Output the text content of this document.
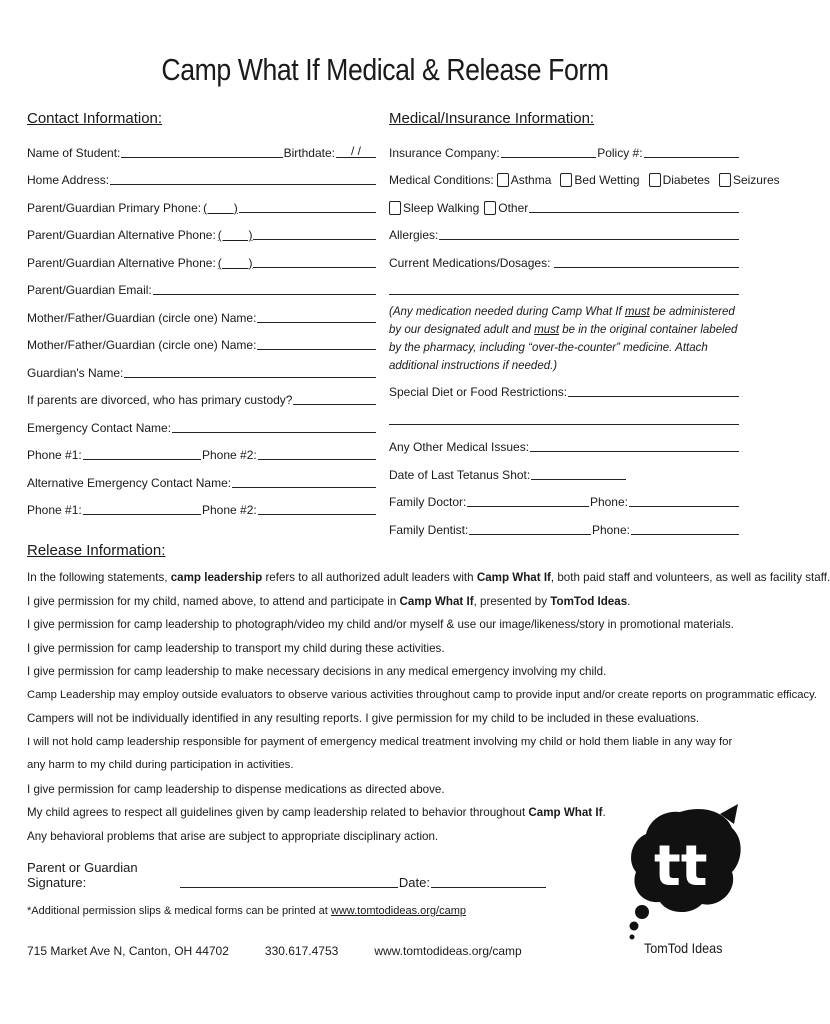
Camp What If Medical & Release Form
Contact Information:
Name of Student:	Birthdate:	/ /
Home Address:
Parent/Guardian Primary Phone: (        )
Parent/Guardian Alternative Phone: (        )
Parent/Guardian Alternative Phone: (        )
Parent/Guardian Email:
Mother/Father/Guardian (circle one) Name:
Mother/Father/Guardian (circle one) Name:
Guardian's Name:
If parents are divorced, who has primary custody?
Emergency Contact Name:
Phone #1:	Phone #2:
Alternative Emergency Contact Name:
Phone #1:	Phone #2:
Medical/Insurance Information:
Insurance Company:	Policy #:
Medical Conditions: Asthma Bed Wetting Diabetes Seizures
Sleep Walking Other
Allergies:
Current Medications/Dosages:
(Any medication needed during Camp What If must be administered by our designated adult and must be in the original container labeled by the pharmacy, including “over-the-counter” medicine. Attach additional instructions if needed.)
Special Diet or Food Restrictions:
Any Other Medical Issues:
Date of Last Tetanus Shot:
Family Doctor:	Phone:
Family Dentist:	Phone:
Release Information:

In the following statements, camp leadership refers to all authorized adult leaders with Camp What If, both paid staff and volunteers, as well as facility staff.

I give permission for my child, named above, to attend and participate in Camp What If, presented by TomTod Ideas.

I give permission for camp leadership to photograph/video my child and/or myself & use our image/likeness/story in promotional materials.

I give permission for camp leadership to transport my child during these activities.

I give permission for camp leadership to make necessary decisions in any medical emergency involving my child.

Camp Leadership may employ outside evaluators to observe various activities throughout camp to provide input and/or create reports on programmatic efficacy.

Campers will not be individually identified in any resulting reports. I give permission for my child to be included in these evaluations.

I will not hold camp leadership responsible for payment of emergency medical treatment involving my child or hold them liable in any way for any harm to my child during participation in activities.

I give permission for camp leadership to dispense medications as directed above.

My child agrees to respect all guidelines given by camp leadership related to behavior throughout Camp What If.

Any behavioral problems that arise are subject to appropriate disciplinary action.

Parent or Guardian Signature:	Date:
*Additional permission slips & medical forms can be printed at www.tomtodideas.org/camp
715 Market Ave N, Canton, OH 44702	330.617.4753	www.tomtodideas.org/camp
tt
TomTod Ideas
